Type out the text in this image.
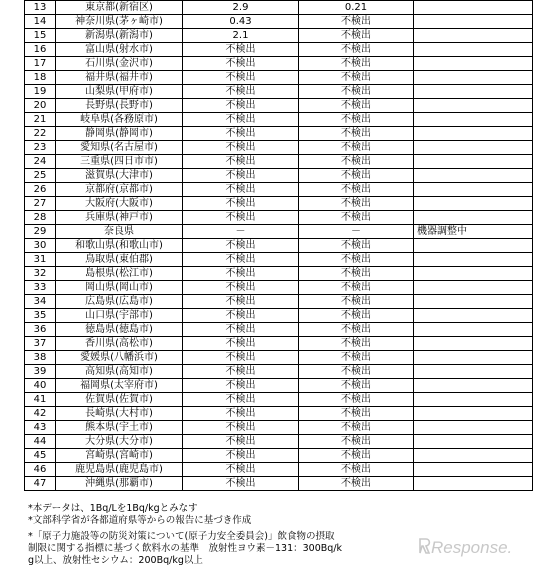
13	東京都(新宿区)	2.9	0.21	
14	神奈川県(茅ヶ崎市)	0.43	不検出	
15	新潟県(新潟市)	2.1	不検出	
16	富山県(射水市)	不検出	不検出	
17	石川県(金沢市)	不検出	不検出	
18	福井県(福井市)	不検出	不検出	
19	山梨県(甲府市)	不検出	不検出	
20	長野県(長野市)	不検出	不検出	
21	岐阜県(各務原市)	不検出	不検出	
22	静岡県(静岡市)	不検出	不検出	
23	愛知県(名古屋市)	不検出	不検出	
24	三重県(四日市市)	不検出	不検出	
25	滋賀県(大津市)	不検出	不検出	
26	京都府(京都市)	不検出	不検出	
27	大阪府(大阪市)	不検出	不検出	
28	兵庫県(神戸市)	不検出	不検出	
29	奈良県	－	－	機器調整中
30	和歌山県(和歌山市)	不検出	不検出	
31	鳥取県(東伯郡)	不検出	不検出	
32	島根県(松江市)	不検出	不検出	
33	岡山県(岡山市)	不検出	不検出	
34	広島県(広島市)	不検出	不検出	
35	山口県(宇部市)	不検出	不検出	
36	徳島県(徳島市)	不検出	不検出	
37	香川県(高松市)	不検出	不検出	
38	愛媛県(八幡浜市)	不検出	不検出	
39	高知県(高知市)	不検出	不検出	
40	福岡県(太宰府市)	不検出	不検出	
41	佐賀県(佐賀市)	不検出	不検出	
42	長崎県(大村市)	不検出	不検出	
43	熊本県(宇土市)	不検出	不検出	
44	大分県(大分市)	不検出	不検出	
45	宮崎県(宮崎市)	不検出	不検出	
46	鹿児島県(鹿児島市)	不検出	不検出	
47	沖縄県(那覇市)	不検出	不検出	

*本データは、1Bq/Lを1Bq/kgとみなす

*文部科学省が各都道府県等からの報告に基づき作成

*「原子力施設等の防災対策について(原子力安全委員会)」飲食物の摂取

制限に関する指標に基づく飲料水の基準　放射性ヨウ素－131：300Bq/k

g以上、放射性セシウム：200Bq/kg以上

Response.
